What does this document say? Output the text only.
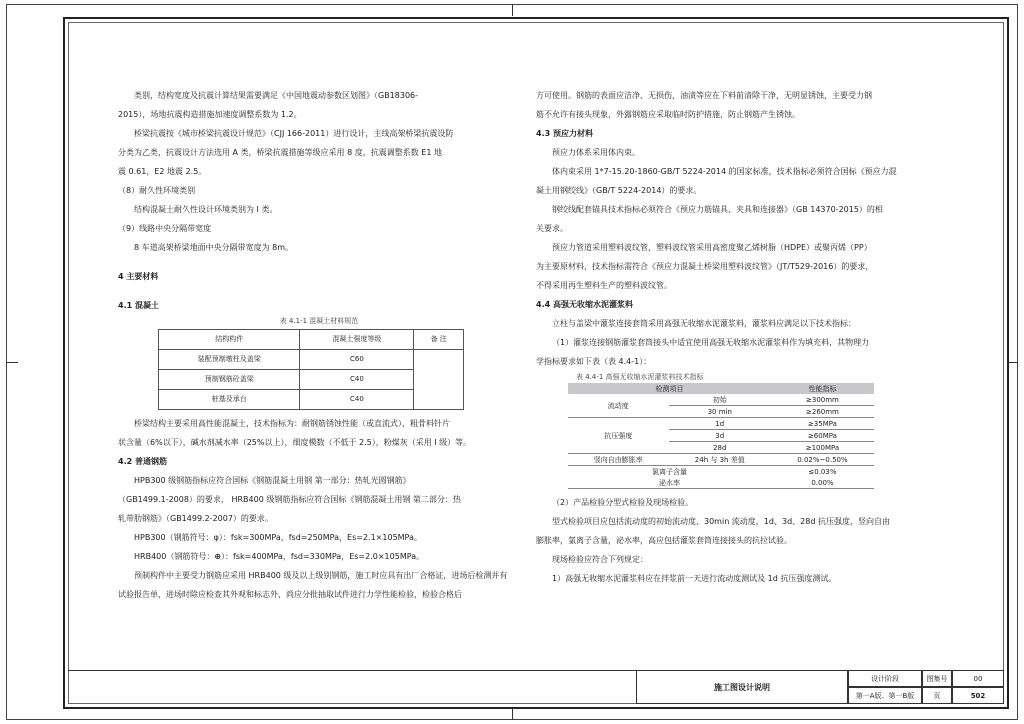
类别，结构宽度及抗震计算结果需要满足《中国地震动参数区划图》（GB18306-

2015），场地抗震构造措施加速度调整系数为 1.2。

桥梁抗震按《城市桥梁抗震设计规范》（CJJ 166-2011）进行设计，主线高架桥梁抗震设防

分类为乙类，抗震设计方法选用 A 类，桥梁抗震措施等级应采用 8 度，抗震调整系数 E1 地

震 0.61，E2 地震 2.5。

（8）耐久性环境类别

结构混凝土耐久性设计环境类别为 I 类。

（9）线路中央分隔带宽度

8 车道高架桥梁地面中央分隔带宽度为 8m。

4 主要材料

4.1 混凝土

表 4.1-1 混凝土材料规范
结构构件	混凝土强度等级	备 注
装配预制墩柱及盖梁	C60	
预制钢筋砼盖梁	C40	
桩基及承台	C40	

桥梁结构主要采用高性能混凝土，技术指标为：耐钢筋锈蚀性能（或直流式），粗骨料针片

状含量（6%以下），碱水剂减水率（25%以上），细度模数（不低于 2.5），粉煤灰（采用 I 级）等。

4.2 普通钢筋

HPB300 级钢筋指标应符合国标《钢筋混凝土用钢 第一部分：热轧光圆钢筋》

（GB1499.1-2008）的要求， HRB400 级钢筋指标应符合国标《钢筋混凝土用钢 第二部分：热

轧带肋钢筋》（GB1499.2-2007）的要求。

HPB300（钢筋符号：φ）：fsk=300MPa，fsd=250MPa，Es=2.1×105MPa。

HRB400（钢筋符号：⊕）：fsk=400MPa，fsd=330MPa，Es=2.0×105MPa。

预制构件中主要受力钢筋应采用 HRB400 级及以上级别钢筋，施工时应具有出厂合格证，进场后检测并有

试验报告单，进场时除应检查其外观和标志外，尚应分批抽取试件进行力学性能检验，检验合格后

方可使用。钢筋的表面应洁净、无损伤，油渍等应在下料前清除干净，无明显锈蚀，主要受力钢

筋不允许有接头现象，外露钢筋应采取临时防护措施，防止钢筋产生锈蚀。

4.3 预应力材料

预应力体系采用体内束。

体内束采用 1*7-15.20-1860-GB/T 5224-2014 的国家标准，技术指标必须符合国标《预应力混

凝土用钢绞线》（GB/T 5224-2014）的要求。

钢绞线配套锚具技术指标必须符合《预应力筋锚具、夹具和连接器》（GB 14370-2015）的相

关要求。

预应力管道采用塑料波纹管，塑料波纹管采用高密度聚乙烯树脂（HDPE）或聚丙烯（PP）

为主要原材料，技术指标需符合《预应力混凝土桥梁用塑料波纹管》（JT/T529-2016）的要求，

不得采用再生塑料生产的塑料波纹管。

4.4 高强无收缩水泥灌浆料

立柱与盖梁中灌浆连接套筒采用高强无收缩水泥灌浆料，灌浆料应满足以下技术指标：

（1）灌浆连接钢筋灌浆套筒接头中适宜使用高强无收缩水泥灌浆料作为填充料，其物理力

学指标要求如下表（表 4.4-1）：

表 4.4-1 高强无收缩水泥灌浆料技术指标
检测项目		性能指标
流动度	初始	≥300mm
	30 min	≥260mm
抗压强度	1d	≥35MPa
	3d	≥60MPa
	28d	≥100MPa
竖向自由膨胀率	24h 与 3h 差值	0.02%~0.50%
氯离子含量		≤0.03%
泌水率		0.00%

（2）产品检验分型式检验及现场检验。

型式检验项目应包括流动度的初始流动度、30min 流动度，1d、3d、28d 抗压强度，竖向自由

膨胀率，氯离子含量，泌水率，高应包括灌浆套筒连接接头的抗拉试验。

现场检验应符合下列规定：

1）高强无收缩水泥灌浆料应在拌浆前一天进行流动度测试及 1d 抗压强度测试。

施工图设计说明
设计阶段	图集号	00
第一A版、第一B版	页	502
